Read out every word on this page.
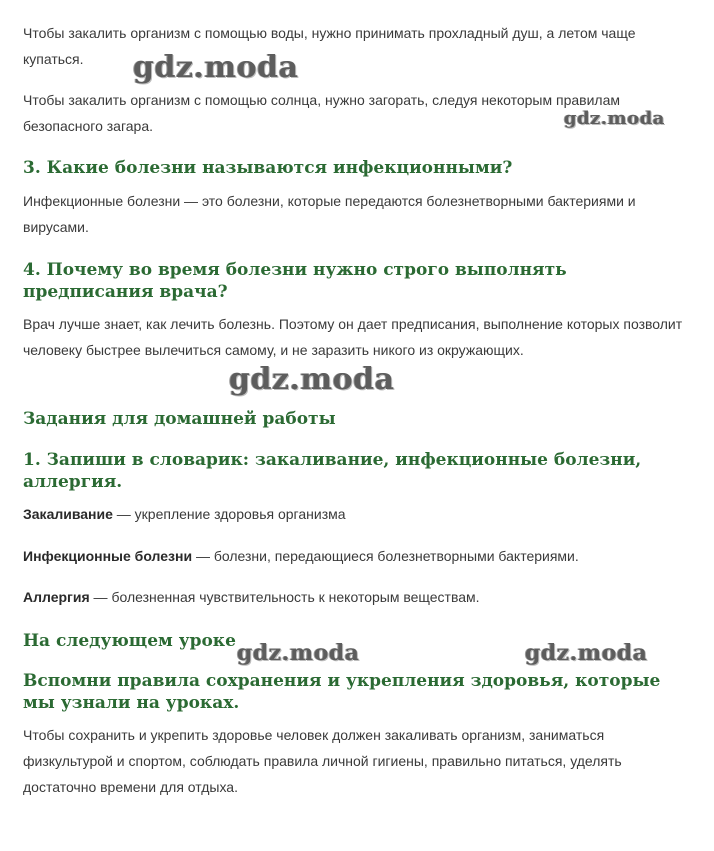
Чтобы закалить организм с помощью воды, нужно принимать прохладный душ, а летом чаще купаться.

Чтобы закалить организм с помощью солнца, нужно загорать, следуя некоторым правилам безопасного загара.

3. Какие болезни называются инфекционными?

Инфекционные болезни — это болезни, которые передаются болезнетворными бактериями и вирусами.

4. Почему во время болезни нужно строго выполнять предписания врача?

Врач лучше знает, как лечить болезнь. Поэтому он дает предписания, выполнение которых позволит человеку быстрее вылечиться самому, и не заразить никого из окружающих.

Задания для домашней работы
1. Запиши в словарик: закаливание, инфекционные болезни, аллергия.

Закаливание — укрепление здоровья организма

Инфекционные болезни — болезни, передающиеся болезнетворными бактериями.

Аллергия — болезненная чувствительность к некоторым веществам.

На следующем уроке
Вспомни правила сохранения и укрепления здоровья, которые мы узнали на уроках.

Чтобы сохранить и укрепить здоровье человек должен закаливать организм, заниматься физкультурой и спортом, соблюдать правила личной гигиены, правильно питаться, уделять достаточно времени для отдыха.

gdz.moda
gdz.moda
gdz.moda
gdz.moda	gdz.moda
